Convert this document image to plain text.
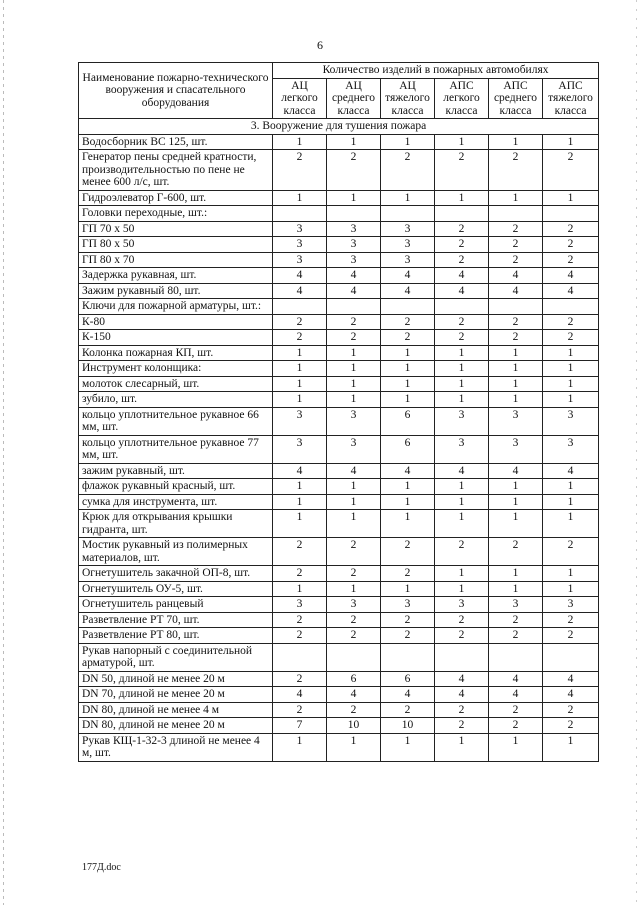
6
Наименование пожарно-технического вооружения и спасательного оборудования	Количество изделий в пожарных автомобилях					
	АЦ легкого класса	АЦ среднего класса	АЦ тяжелого класса	АПС легкого класса	АПС среднего класса	АПС тяжелого класса
3. Вооружение для тушения пожара						
Водосборник ВС 125, шт.	1	1	1	1	1	1
Генератор пены средней кратности, производительностью по пене не менее 600 л/с, шт.	2	2	2	2	2	2
Гидроэлеватор Г-600, шт.	1	1	1	1	1	1
Головки переходные, шт.:						
ГП 70 х 50	3	3	3	2	2	2
ГП 80 х 50	3	3	3	2	2	2
ГП 80 х 70	3	3	3	2	2	2
Задержка рукавная, шт.	4	4	4	4	4	4
Зажим рукавный 80, шт.	4	4	4	4	4	4
Ключи для пожарной арматуры, шт.:						
К-80	2	2	2	2	2	2
К-150	2	2	2	2	2	2
Колонка пожарная КП, шт.	1	1	1	1	1	1
Инструмент колонщика:	1	1	1	1	1	1
молоток слесарный, шт.	1	1	1	1	1	1
зубило, шт.	1	1	1	1	1	1
кольцо уплотнительное рукавное 66 мм, шт.	3	3	6	3	3	3
кольцо уплотнительное рукавное 77 мм, шт.	3	3	6	3	3	3
зажим рукавный, шт.	4	4	4	4	4	4
флажок рукавный красный, шт.	1	1	1	1	1	1
сумка для инструмента, шт.	1	1	1	1	1	1
Крюк для открывания крышки гидранта, шт.	1	1	1	1	1	1
Мостик рукавный из полимерных материалов, шт.	2	2	2	2	2	2
Огнетушитель закачной ОП-8, шт.	2	2	2	1	1	1
Огнетушитель ОУ-5, шт.	1	1	1	1	1	1
Огнетушитель ранцевый	3	3	3	3	3	3
Разветвление РТ 70, шт.	2	2	2	2	2	2
Разветвление РТ 80, шт.	2	2	2	2	2	2
Рукав напорный с соединительной арматурой, шт.						
DN 50, длиной не менее 20 м	2	6	6	4	4	4
DN 70, длиной не менее 20 м	4	4	4	4	4	4
DN 80, длиной не менее 4 м	2	2	2	2	2	2
DN 80, длиной не менее 20 м	7	10	10	2	2	2
Рукав КЩ-1-32-3 длиной не менее 4 м, шт.	1	1	1	1	1	1
177Д.doc
